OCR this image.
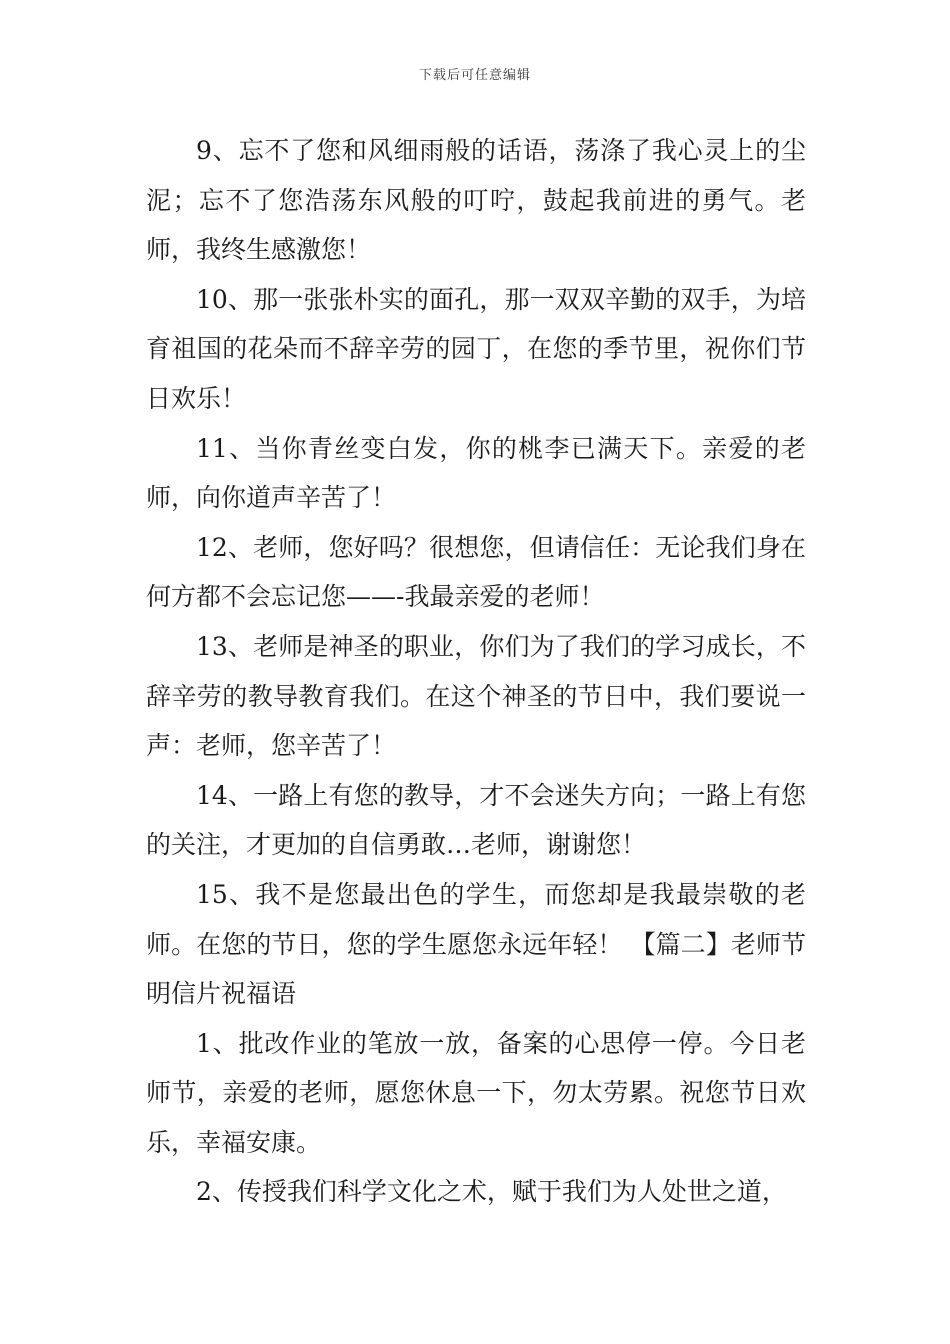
下载后可任意编辑

9、忘不了您和风细雨般的话语，荡涤了我心灵上的尘泥；忘不了您浩荡东风般的叮咛，鼓起我前进的勇气。老师，我终生感激您！

10、那一张张朴实的面孔，那一双双辛勤的双手，为培育祖国的花朵而不辞辛劳的园丁，在您的季节里，祝你们节日欢乐！

11、当你青丝变白发，你的桃李已满天下。亲爱的老师，向你道声辛苦了！

12、老师，您好吗？很想您，但请信任：无论我们身在何方都不会忘记您——-我最亲爱的老师！

13、老师是神圣的职业，你们为了我们的学习成长，不辞辛劳的教导教育我们。在这个神圣的节日中，我们要说一声：老师，您辛苦了！

14、一路上有您的教导，才不会迷失方向；一路上有您的关注，才更加的自信勇敢…老师，谢谢您！

15、我不是您最出色的学生，而您却是我最崇敬的老师。在您的节日，您的学生愿您永远年轻！ 【篇二】老师节明信片祝福语

1、批改作业的笔放一放，备案的心思停一停。今日老师节，亲爱的老师，愿您休息一下，勿太劳累。祝您节日欢乐，幸福安康。

2、传授我们科学文化之术，赋于我们为人处世之道，
